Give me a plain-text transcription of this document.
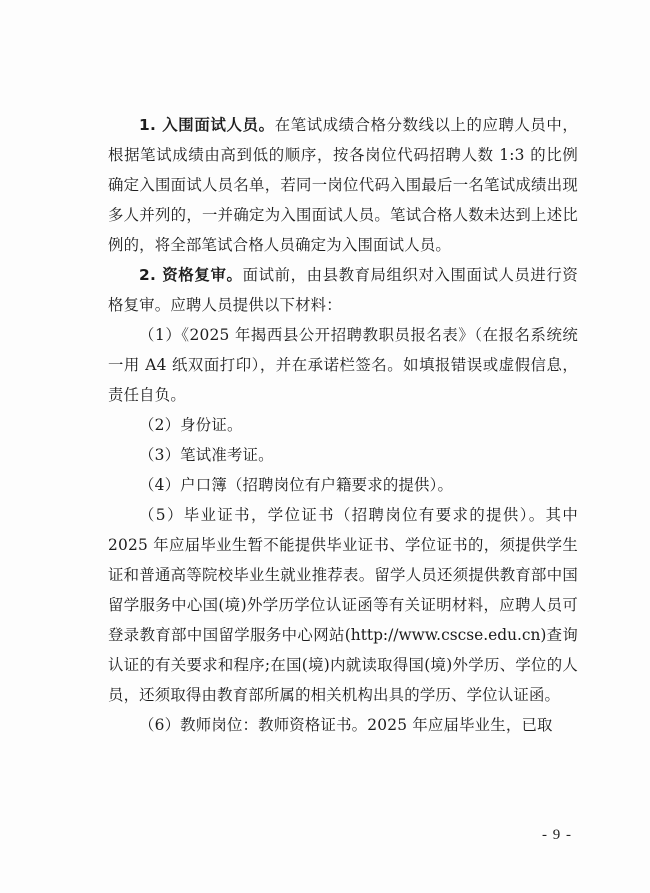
1. 入围面试人员。在笔试成绩合格分数线以上的应聘人员中，根据笔试成绩由高到低的顺序，按各岗位代码招聘人数 1:3 的比例确定入围面试人员名单，若同一岗位代码入围最后一名笔试成绩出现多人并列的，一并确定为入围面试人员。笔试合格人数未达到上述比例的，将全部笔试合格人员确定为入围面试人员。

2. 资格复审。面试前，由县教育局组织对入围面试人员进行资格复审。应聘人员提供以下材料：

（1）《2025 年揭西县公开招聘教职员报名表》（在报名系统统一用 A4 纸双面打印），并在承诺栏签名。如填报错误或虚假信息，责任自负。

（2）身份证。

（3）笔试准考证。

（4）户口簿（招聘岗位有户籍要求的提供）。

（5）毕业证书，学位证书（招聘岗位有要求的提供）。其中 2025 年应届毕业生暂不能提供毕业证书、学位证书的，须提供学生证和普通高等院校毕业生就业推荐表。留学人员还须提供教育部中国留学服务中心国(境)外学历学位认证函等有关证明材料，应聘人员可登录教育部中国留学服务中心网站(http://www.cscse.edu.cn)查询认证的有关要求和程序;在国(境)内就读取得国(境)外学历、学位的人员，还须取得由教育部所属的相关机构出具的学历、学位认证函。

（6）教师岗位：教师资格证书。2025 年应届毕业生，已取

- 9 -
